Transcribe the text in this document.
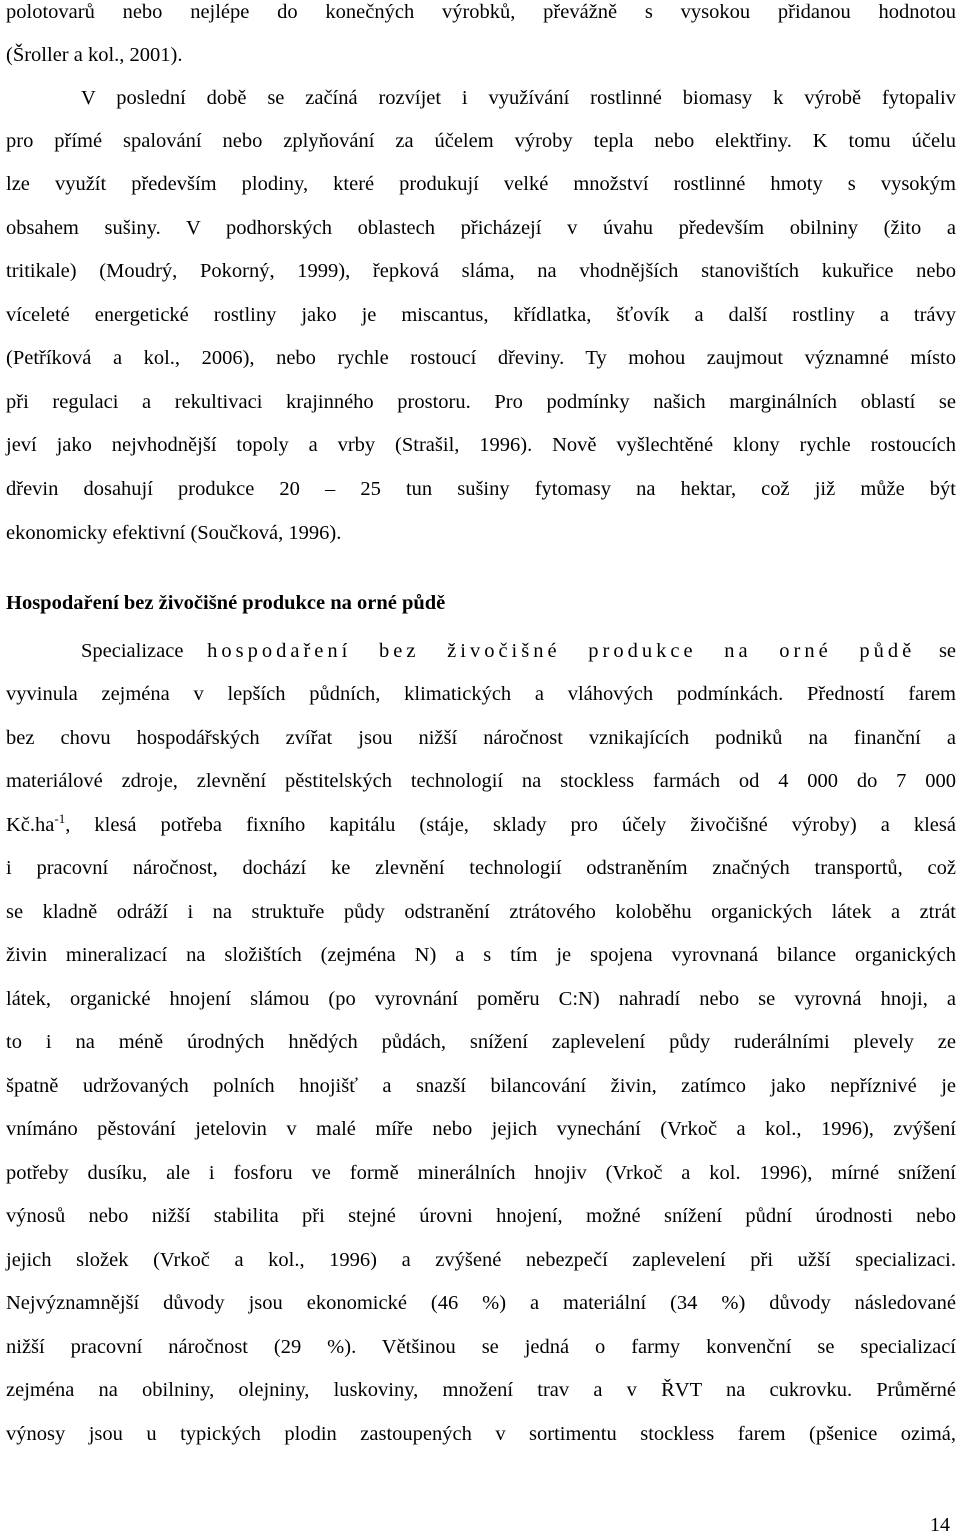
polotovarů nebo nejlépe do konečných výrobků, převážně s vysokou přidanou hodnotou

(Šroller a kol., 2001).

V poslední době se začíná rozvíjet i využívání rostlinné biomasy k výrobě fytopaliv

pro přímé spalování nebo zplyňování za účelem výroby tepla nebo elektřiny. K tomu účelu

lze využít především plodiny, které produkují velké množství rostlinné hmoty s vysokým

obsahem sušiny. V podhorských oblastech přicházejí v úvahu především obilniny (žito a

tritikale) (Moudrý, Pokorný, 1999), řepková sláma, na vhodnějších stanovištích kukuřice nebo

víceleté energetické rostliny jako je miscantus, křídlatka, šťovík a další rostliny a trávy

(Petříková a kol., 2006), nebo rychle rostoucí dřeviny. Ty mohou zaujmout významné místo

při regulaci a rekultivaci krajinného prostoru. Pro podmínky našich marginálních oblastí se

jeví jako nejvhodnější topoly a vrby (Strašil, 1996). Nově vyšlechtěné klony rychle rostoucích

dřevin dosahují produkce 20 – 25 tun sušiny fytomasy na hektar, což již může být

ekonomicky efektivní (Součková, 1996).

Hospodaření bez živočišné produkce na orné půdě

Specializace hospodaření bez živočišné produkce na orné půdě se

vyvinula zejména v lepších půdních, klimatických a vláhových podmínkách. Předností farem

bez chovu hospodářských zvířat jsou nižší náročnost vznikajících podniků na finanční a

materiálové zdroje, zlevnění pěstitelských technologií na stockless farmách od 4 000 do 7 000

$Kč.ha^{-1}$, klesá potřeba fixního kapitálu (stáje, sklady pro účely živočišné výroby) a klesá

i pracovní náročnost, dochází ke zlevnění technologií odstraněním značných transportů, což

se kladně odráží i na struktuře půdy odstranění ztrátového koloběhu organických látek a ztrát

živin mineralizací na složištích (zejména N) a s tím je spojena vyrovnaná bilance organických

látek, organické hnojení slámou (po vyrovnání poměru C:N) nahradí nebo se vyrovná hnoji, a

to i na méně úrodných hnědých půdách, snížení zaplevelení půdy ruderálními plevely ze

špatně udržovaných polních hnojišť a snazší bilancování živin, zatímco jako nepříznivé je

vnímáno pěstování jetelovin v malé míře nebo jejich vynechání (Vrkoč a kol., 1996), zvýšení

potřeby dusíku, ale i fosforu ve formě minerálních hnojiv (Vrkoč a kol. 1996), mírné snížení

výnosů nebo nižší stabilita při stejné úrovni hnojení, možné snížení půdní úrodnosti nebo

jejich složek (Vrkoč a kol., 1996) a zvýšené nebezpečí zaplevelení při užší specializaci.

Nejvýznamnější důvody jsou ekonomické (46 %) a materiální (34 %) důvody následované

nižší pracovní náročnost (29 %). Většinou se jedná o farmy konvenční se specializací

zejména na obilniny, olejniny, luskoviny, množení trav a v ŘVT na cukrovku. Průměrné

výnosy jsou u typických plodin zastoupených v sortimentu stockless farem (pšenice ozimá,

14
